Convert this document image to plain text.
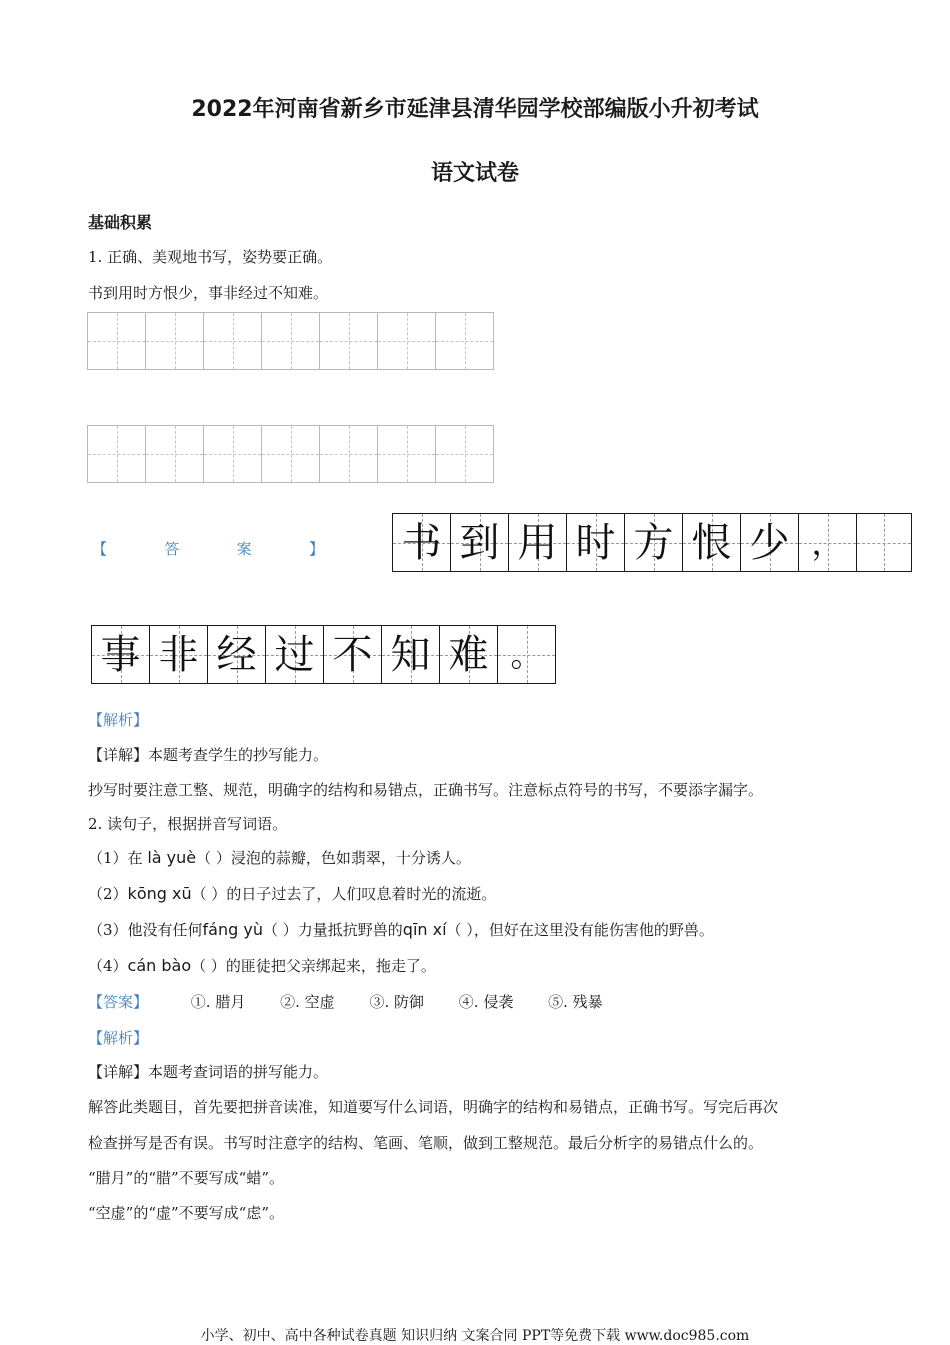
2022年河南省新乡市延津县清华园学校部编版小升初考试
语文试卷
基础积累
1. 正确、美观地书写，姿势要正确。
书到用时方恨少，事非经过不知难。
【	答	案	】 书 到 用 时 方 恨 少 ，
事 非 经 过 不 知 难 。
【解析】
【详解】本题考查学生的抄写能力。
抄写时要注意工整、规范，明确字的结构和易错点，正确书写。注意标点符号的书写，不要添字漏字。
2. 读句子，根据拼音写词语。
（1）在 là yuè（ ）浸泡的蒜瓣，色如翡翠，十分诱人。
（2）kōng xū（ ）的日子过去了，人们叹息着时光的流逝。
（3）他没有任何fáng yù（ ）力量抵抗野兽的qīn xí（ ），但好在这里没有能伤害他的野兽。
（4）cán bào（ ）的匪徒把父亲绑起来，拖走了。
【答案】	①. 腊月 ②. 空虚 ③. 防御 ④. 侵袭 ⑤. 残暴
【解析】
【详解】本题考查词语的拼写能力。
解答此类题目，首先要把拼音读准，知道要写什么词语，明确字的结构和易错点，正确书写。写完后再次
检查拼写是否有误。书写时注意字的结构、笔画、笔顺，做到工整规范。最后分析字的易错点什么的。
“腊月”的“腊”不要写成“蜡”。
“空虚”的“虚”不要写成“虑”。
小学、初中、高中各种试卷真题 知识归纳 文案合同 PPT等免费下载 www.doc985.com
